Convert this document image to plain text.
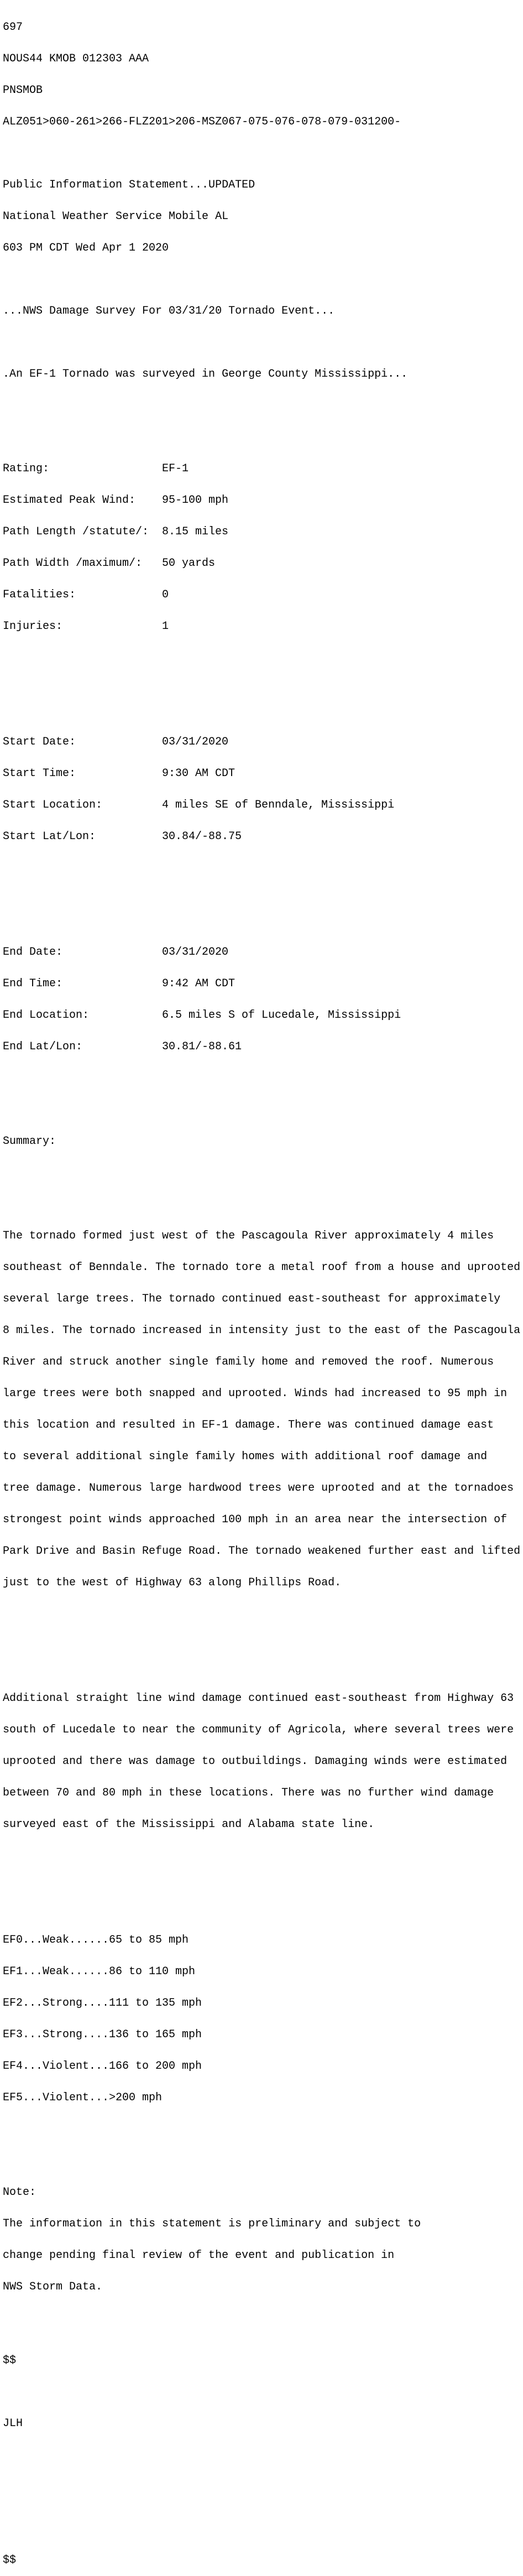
697

NOUS44 KMOB 012303 AAA

PNSMOB

ALZ051>060-261>266-FLZ201>206-MSZ067-075-076-078-079-031200-

Public Information Statement...UPDATED

National Weather Service Mobile AL

603 PM CDT Wed Apr 1 2020

...NWS Damage Survey For 03/31/20 Tornado Event...

.An EF-1 Tornado was surveyed in George County Mississippi...

Rating:	EF-1

Estimated Peak Wind:	95-100 mph

Path Length /statute/:	8.15 miles

Path Width /maximum/:	50 yards

Fatalities:	0

Injuries:	1

Start Date:	03/31/2020

Start Time:	9:30 AM CDT

Start Location:	4 miles SE of Benndale, Mississippi

Start Lat/Lon:	30.84/-88.75

End Date:	03/31/2020

End Time:	9:42 AM CDT

End Location:	6.5 miles S of Lucedale, Mississippi

End Lat/Lon:	30.81/-88.61

Summary:

The tornado formed just west of the Pascagoula River approximately 4 miles

southeast of Benndale. The tornado tore a metal roof from a house and uprooted

several large trees. The tornado continued east-southeast for approximately

8 miles. The tornado increased in intensity just to the east of the Pascagoula

River and struck another single family home and removed the roof. Numerous

large trees were both snapped and uprooted. Winds had increased to 95 mph in

this location and resulted in EF-1 damage. There was continued damage east

to several additional single family homes with additional roof damage and

tree damage. Numerous large hardwood trees were uprooted and at the tornadoes

strongest point winds approached 100 mph in an area near the intersection of

Park Drive and Basin Refuge Road. The tornado weakened further east and lifted

just to the west of Highway 63 along Phillips Road.

Additional straight line wind damage continued east-southeast from Highway 63

south of Lucedale to near the community of Agricola, where several trees were

uprooted and there was damage to outbuildings. Damaging winds were estimated

between 70 and 80 mph in these locations. There was no further wind damage

surveyed east of the Mississippi and Alabama state line.

EF0...Weak......65 to 85 mph

EF1...Weak......86 to 110 mph

EF2...Strong....111 to 135 mph

EF3...Strong....136 to 165 mph

EF4...Violent...166 to 200 mph

EF5...Violent...>200 mph

Note:

The information in this statement is preliminary and subject to

change pending final review of the event and publication in

NWS Storm Data.

$$

JLH

$$
